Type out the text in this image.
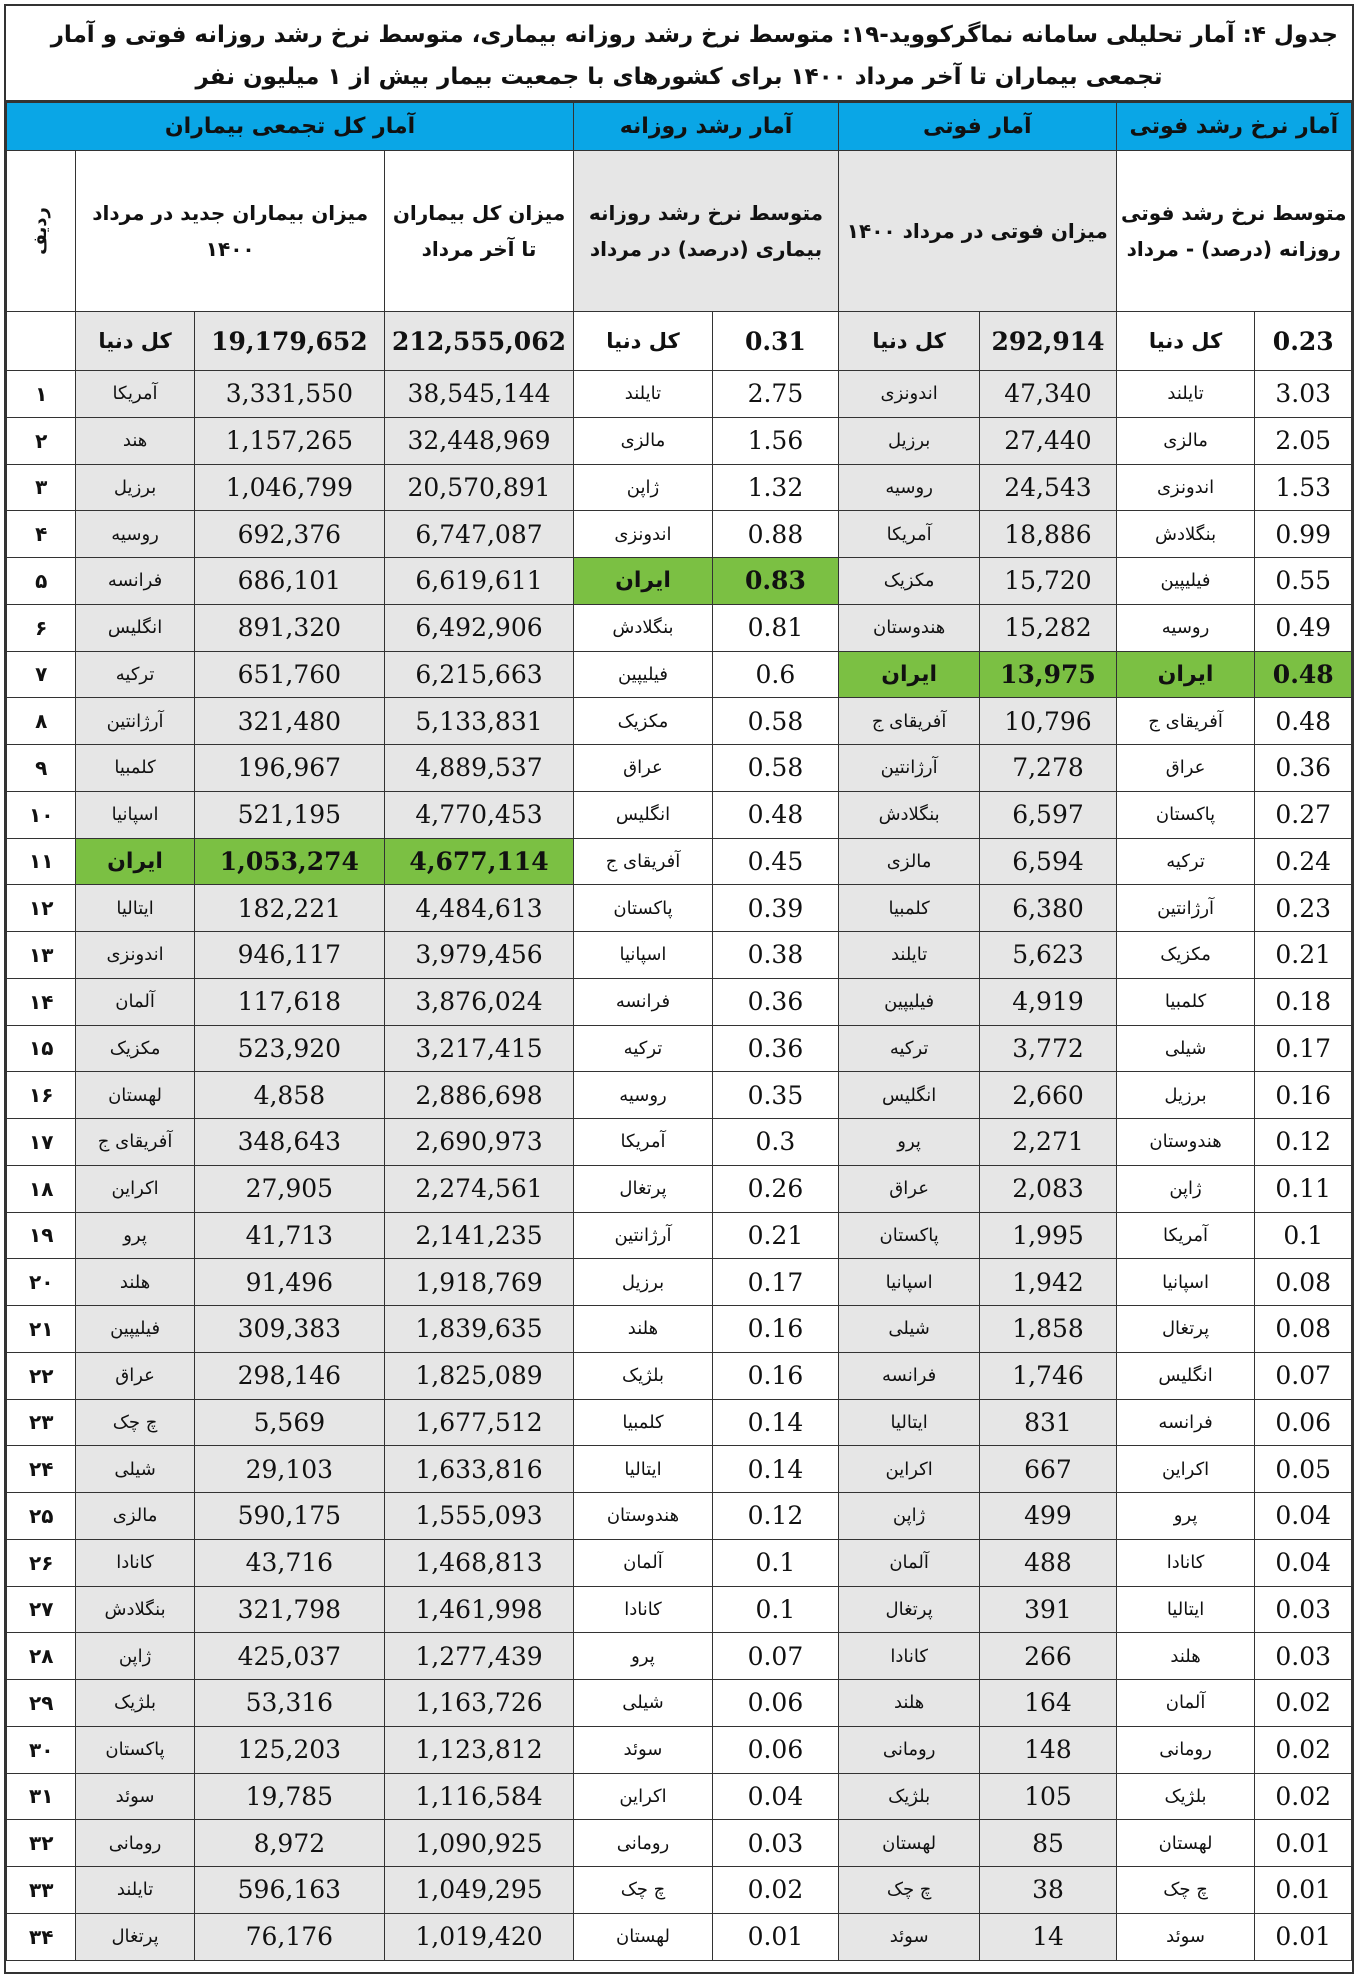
جدول ۴: آمار تحلیلی سامانه نماگرکووید-۱۹: متوسط نرخ رشد روزانه بیماری، متوسط نرخ رشد روزانه فوتی و آمار
تجمعی بیماران تا آخر مرداد ۱۴۰۰ برای کشورهای با جمعیت بیمار بیش از ۱ میلیون نفر
آمار کل تجمعی بیماران				آمار رشد روزانه		آمار فوتی		آمار نرخ رشد فوتی	
ردیف	میزان بیماران جدید در مرداد ۱۴۰۰		میزان کل بیماران تا آخر مرداد	متوسط نرخ رشد روزانه بیماری (درصد) در مرداد		میزان فوتی در مرداد ۱۴۰۰		متوسط نرخ رشد فوتی روزانه (درصد) - مرداد	
	کل دنیا	19,179,652	212,555,062	کل دنیا	0.31	کل دنیا	292,914	کل دنیا	0.23
۱	آمریکا	3,331,550	38,545,144	تایلند	2.75	اندونزی	47,340	تایلند	3.03
۲	هند	1,157,265	32,448,969	مالزی	1.56	برزیل	27,440	مالزی	2.05
۳	برزیل	1,046,799	20,570,891	ژاپن	1.32	روسیه	24,543	اندونزی	1.53
۴	روسیه	692,376	6,747,087	اندونزی	0.88	آمریکا	18,886	بنگلادش	0.99
۵	فرانسه	686,101	6,619,611	ایران	0.83	مکزیک	15,720	فیلیپین	0.55
۶	انگلیس	891,320	6,492,906	بنگلادش	0.81	هندوستان	15,282	روسیه	0.49
۷	ترکیه	651,760	6,215,663	فیلیپین	0.6	ایران	13,975	ایران	0.48
۸	آرژانتین	321,480	5,133,831	مکزیک	0.58	آفریقای ج	10,796	آفریقای ج	0.48
۹	کلمبیا	196,967	4,889,537	عراق	0.58	آرژانتین	7,278	عراق	0.36
۱۰	اسپانیا	521,195	4,770,453	انگلیس	0.48	بنگلادش	6,597	پاکستان	0.27
۱۱	ایران	1,053,274	4,677,114	آفریقای ج	0.45	مالزی	6,594	ترکیه	0.24
۱۲	ایتالیا	182,221	4,484,613	پاکستان	0.39	کلمبیا	6,380	آرژانتین	0.23
۱۳	اندونزی	946,117	3,979,456	اسپانیا	0.38	تایلند	5,623	مکزیک	0.21
۱۴	آلمان	117,618	3,876,024	فرانسه	0.36	فیلیپین	4,919	کلمبیا	0.18
۱۵	مکزیک	523,920	3,217,415	ترکیه	0.36	ترکیه	3,772	شیلی	0.17
۱۶	لهستان	4,858	2,886,698	روسیه	0.35	انگلیس	2,660	برزیل	0.16
۱۷	آفریقای ج	348,643	2,690,973	آمریکا	0.3	پرو	2,271	هندوستان	0.12
۱۸	اکراین	27,905	2,274,561	پرتغال	0.26	عراق	2,083	ژاپن	0.11
۱۹	پرو	41,713	2,141,235	آرژانتین	0.21	پاکستان	1,995	آمریکا	0.1
۲۰	هلند	91,496	1,918,769	برزیل	0.17	اسپانیا	1,942	اسپانیا	0.08
۲۱	فیلیپین	309,383	1,839,635	هلند	0.16	شیلی	1,858	پرتغال	0.08
۲۲	عراق	298,146	1,825,089	بلژیک	0.16	فرانسه	1,746	انگلیس	0.07
۲۳	چ چک	5,569	1,677,512	کلمبیا	0.14	ایتالیا	831	فرانسه	0.06
۲۴	شیلی	29,103	1,633,816	ایتالیا	0.14	اکراین	667	اکراین	0.05
۲۵	مالزی	590,175	1,555,093	هندوستان	0.12	ژاپن	499	پرو	0.04
۲۶	کانادا	43,716	1,468,813	آلمان	0.1	آلمان	488	کانادا	0.04
۲۷	بنگلادش	321,798	1,461,998	کانادا	0.1	پرتغال	391	ایتالیا	0.03
۲۸	ژاپن	425,037	1,277,439	پرو	0.07	کانادا	266	هلند	0.03
۲۹	بلژیک	53,316	1,163,726	شیلی	0.06	هلند	164	آلمان	0.02
۳۰	پاکستان	125,203	1,123,812	سوئد	0.06	رومانی	148	رومانی	0.02
۳۱	سوئد	19,785	1,116,584	اکراین	0.04	بلژیک	105	بلژیک	0.02
۳۲	رومانی	8,972	1,090,925	رومانی	0.03	لهستان	85	لهستان	0.01
۳۳	تایلند	596,163	1,049,295	چ چک	0.02	چ چک	38	چ چک	0.01
۳۴	پرتغال	76,176	1,019,420	لهستان	0.01	سوئد	14	سوئد	0.01
